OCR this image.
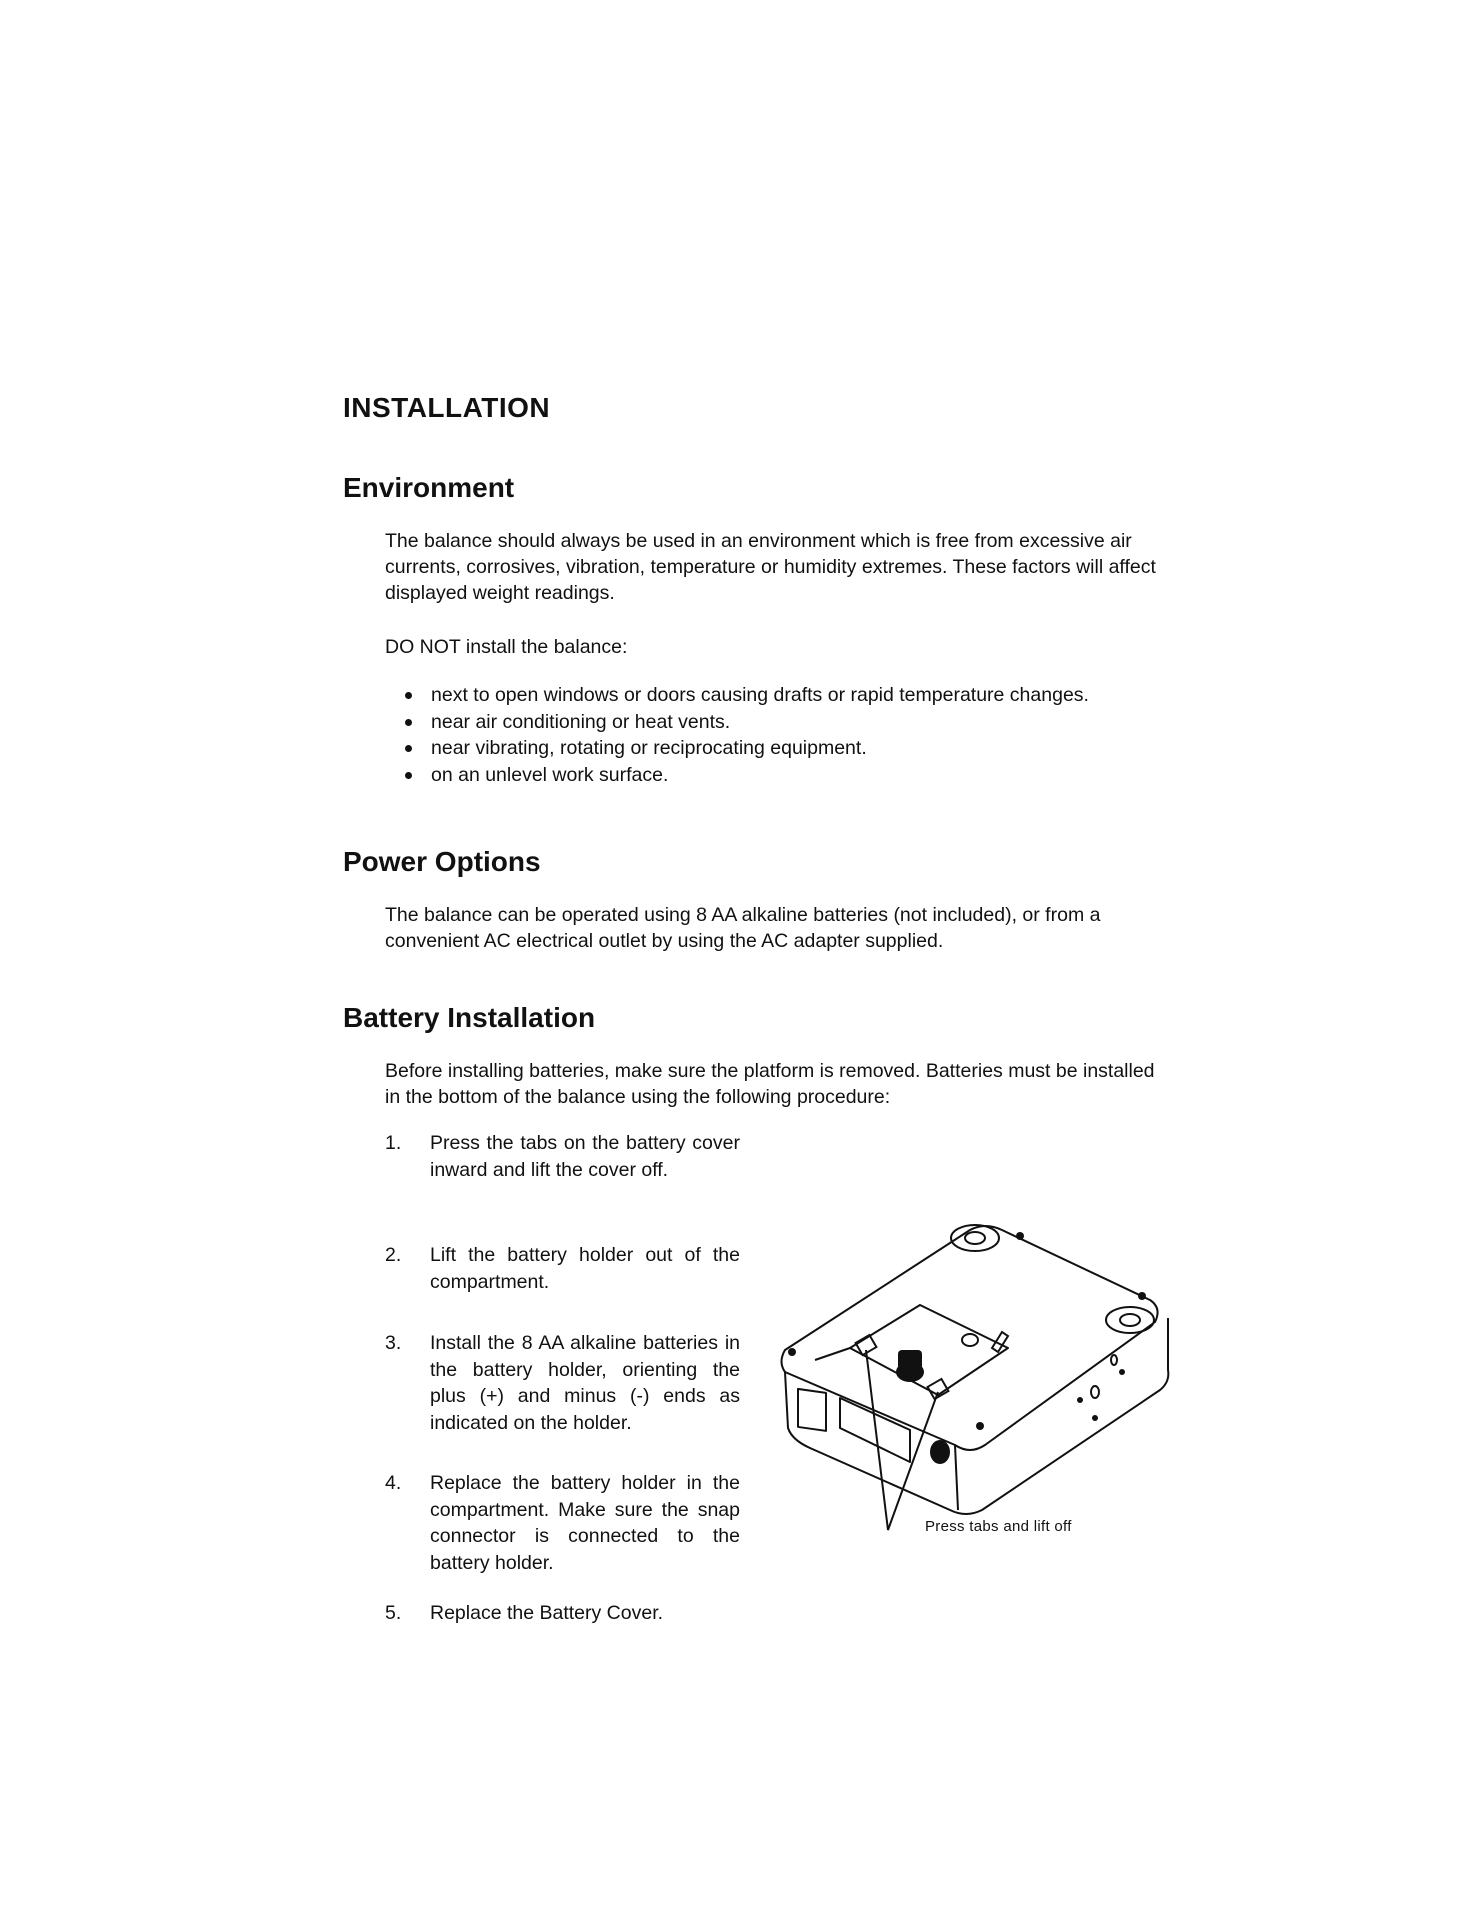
INSTALLATION
Environment

The balance should always be used in an environment which is free from excessive air currents, corrosives, vibration, temperature or humidity extremes. These factors will affect displayed weight readings.

DO NOT install the balance:

next to open windows or doors causing drafts or rapid temperature changes.
near air conditioning or heat vents.
near vibrating, rotating or reciprocating equipment.
on an unlevel work surface.
Power Options

The balance can be operated using 8 AA alkaline batteries (not included), or from a convenient AC electrical outlet by using the AC adapter supplied.

Battery Installation

Before installing batteries, make sure the platform is removed. Batteries must be installed in the bottom of the balance using the following procedure:

1. Press the tabs on the battery cover inward and lift the cover off.
2. Lift the battery holder out of the compartment.
3. Install the 8 AA alkaline batteries in the battery holder, orienting the plus (+) and minus (-) ends as indicated on the holder.
4. Replace the battery holder in the compartment. Make sure the snap connector is connected to the battery holder.
5. Replace the Battery Cover.
Press tabs and lift off
